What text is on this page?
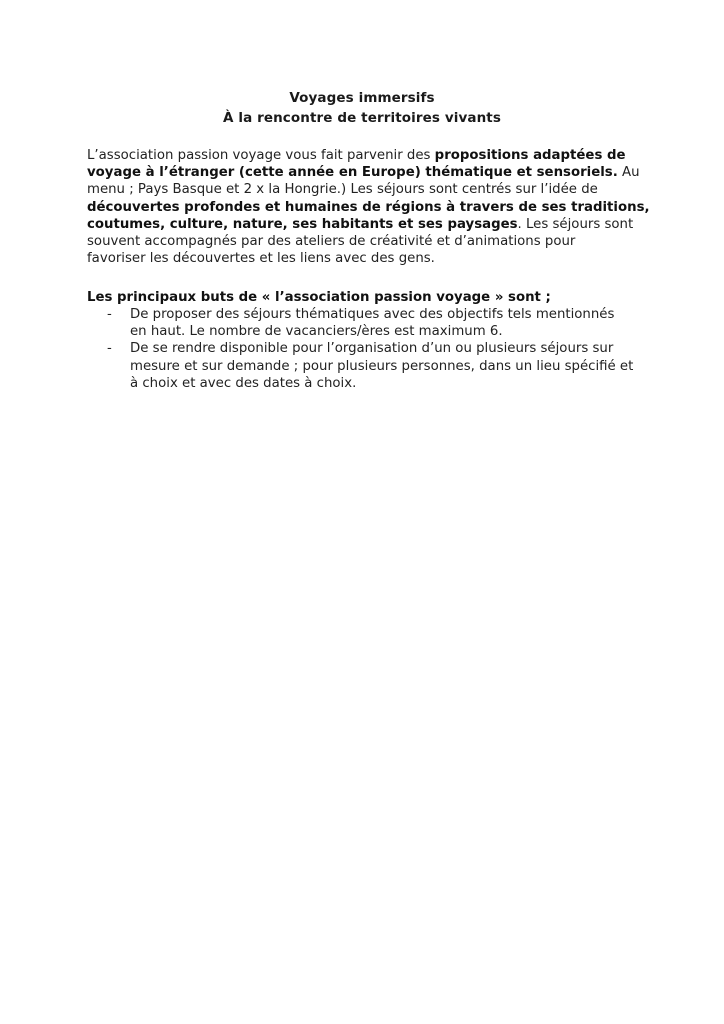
Voyages immersifs
À la rencontre de territoires vivants
L’association passion voyage vous fait parvenir des propositions adaptées de
voyage à l’étranger (cette année en Europe) thématique et sensoriels. Au
menu ; Pays Basque et 2 x la Hongrie.) Les séjours sont centrés sur l’idée de
découvertes profondes et humaines de régions à travers de ses traditions,
coutumes, culture, nature, ses habitants et ses paysages. Les séjours sont
souvent accompagnés par des ateliers de créativité et d’animations pour
favoriser les découvertes et les liens avec des gens.
Les principaux buts de « l’association passion voyage » sont ;
- De proposer des séjours thématiques avec des objectifs tels mentionnés
en haut. Le nombre de vacanciers/ères est maximum 6.
- De se rendre disponible pour l’organisation d’un ou plusieurs séjours sur
mesure et sur demande ; pour plusieurs personnes, dans un lieu spécifié et
à choix et avec des dates à choix.
